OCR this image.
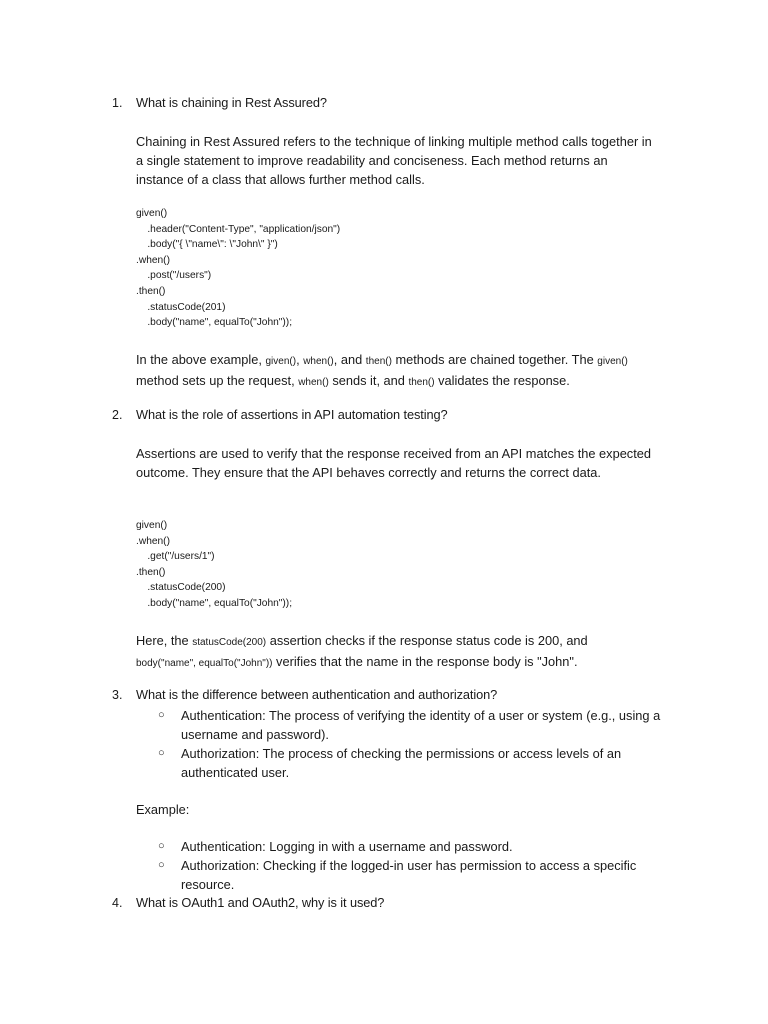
1. What is chaining in Rest Assured?
Chaining in Rest Assured refers to the technique of linking multiple method calls together in a single statement to improve readability and conciseness. Each method returns an instance of a class that allows further method calls.
given()
.header("Content-Type", "application/json")
.body("{ \"name\": \"John\" }")
.when()
.post("/users")
.then()
.statusCode(201)
.body("name", equalTo("John"));
In the above example, given(), when(), and then() methods are chained together. The given()
method sets up the request, when() sends it, and then() validates the response.
2. What is the role of assertions in API automation testing?
Assertions are used to verify that the response received from an API matches the expected outcome. They ensure that the API behaves correctly and returns the correct data.
given()
.when()
.get("/users/1")
.then()
.statusCode(200)
.body("name", equalTo("John"));
Here, the statusCode(200) assertion checks if the response status code is 200, and
body("name", equalTo("John")) verifies that the name in the response body is "John".
3. What is the difference between authentication and authorization?
○ Authentication: The process of verifying the identity of a user or system (e.g., using a username and password).
○ Authorization: The process of checking the permissions or access levels of an authenticated user.
Example:
○ Authentication: Logging in with a username and password.
○ Authorization: Checking if the logged-in user has permission to access a specific resource.
4. What is OAuth1 and OAuth2, why is it used?
